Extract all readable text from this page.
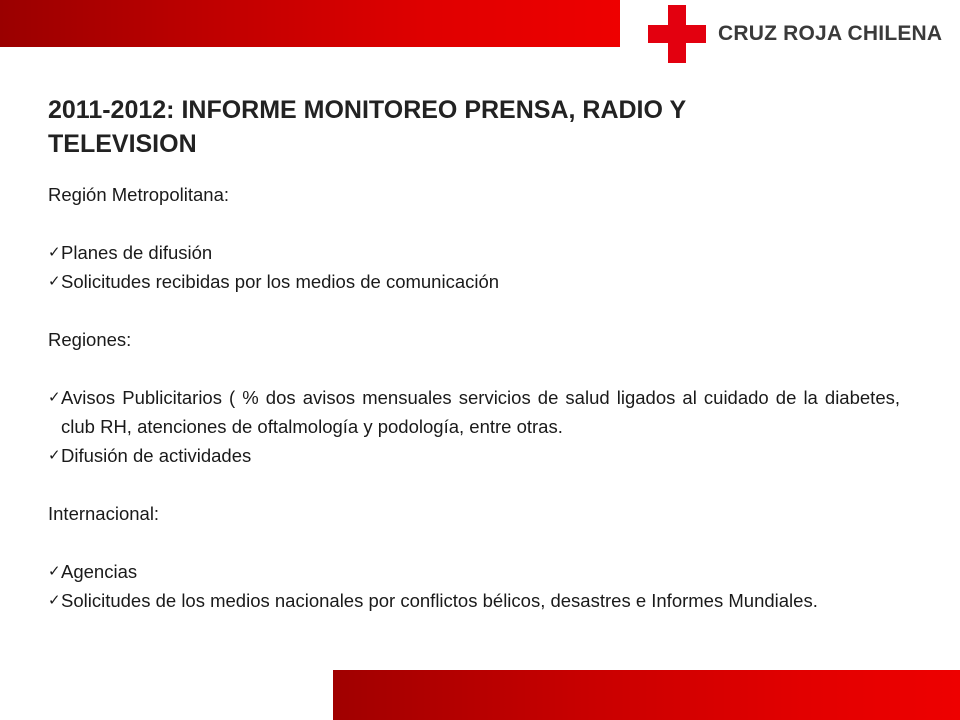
CRUZ ROJA CHILENA
2011-2012: INFORME MONITOREO PRENSA, RADIO Y TELEVISION

Región Metropolitana:

✓ Planes de difusión

✓ Solicitudes recibidas por los medios de comunicación

Regiones:

✓ Avisos Publicitarios ( % dos avisos mensuales servicios de salud ligados al cuidado de la diabetes, club RH, atenciones de oftalmología y podología, entre otras.

✓ Difusión de actividades

Internacional:

✓ Agencias

✓ Solicitudes de los medios nacionales por conflictos bélicos, desastres e Informes Mundiales.
